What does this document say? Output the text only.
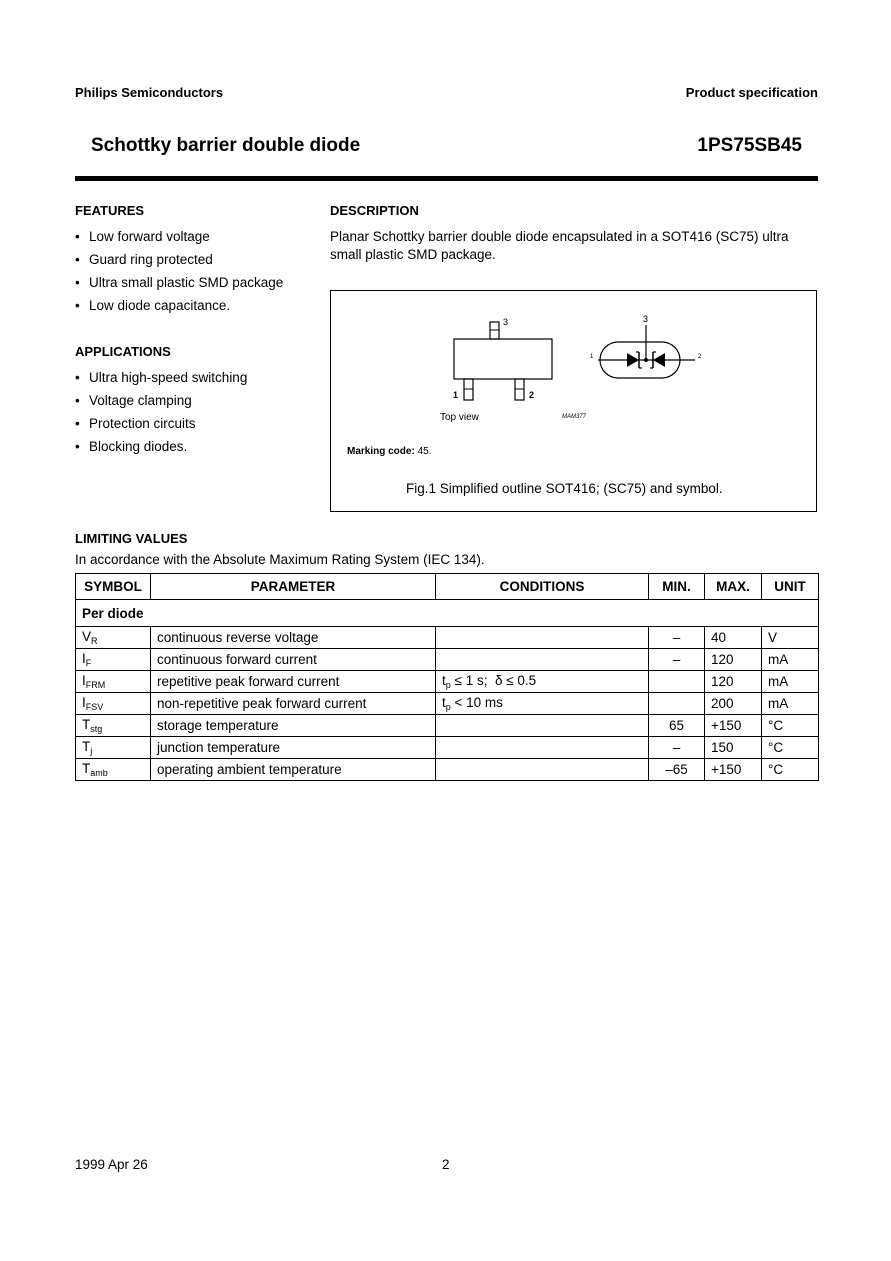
Philips Semiconductors	Product specification
Schottky barrier double diode	1PS75SB45
FEATURES
• Low forward voltage
• Guard ring protected
• Ultra small plastic SMD package
• Low diode capacitance.
APPLICATIONS
• Ultra high-speed switching
• Voltage clamping
• Protection circuits
• Blocking diodes.
DESCRIPTION
Planar Schottky barrier double diode encapsulated in a SOT416 (SC75) ultra small plastic SMD package.
3
1	2
3
1	2
Top view	MAM377
Marking code: 45.
Fig.1 Simplified outline SOT416; (SC75) and symbol.
LIMITING VALUES
In accordance with the Absolute Maximum Rating System (IEC 134).
SYMBOL	PARAMETER	CONDITIONS	MIN.	MAX.	UNIT
Per diode					
$V_R$	continuous reverse voltage		–	40	V
$I_F$	continuous forward current		–	120	mA
$I_{FRM}$	repetitive peak forward current	$t_p \le 1$ s;  δ ≤ 0.5		120	mA
$I_{FSV}$	non-repetitive peak forward current	$t_p < 10$ ms		200	mA
$T_{stg}$	storage temperature		65	+150	°C
$T_j$	junction temperature		–	150	°C
$T_{amb}$	operating ambient temperature		–65	+150	°C
1999 Apr 26	2
